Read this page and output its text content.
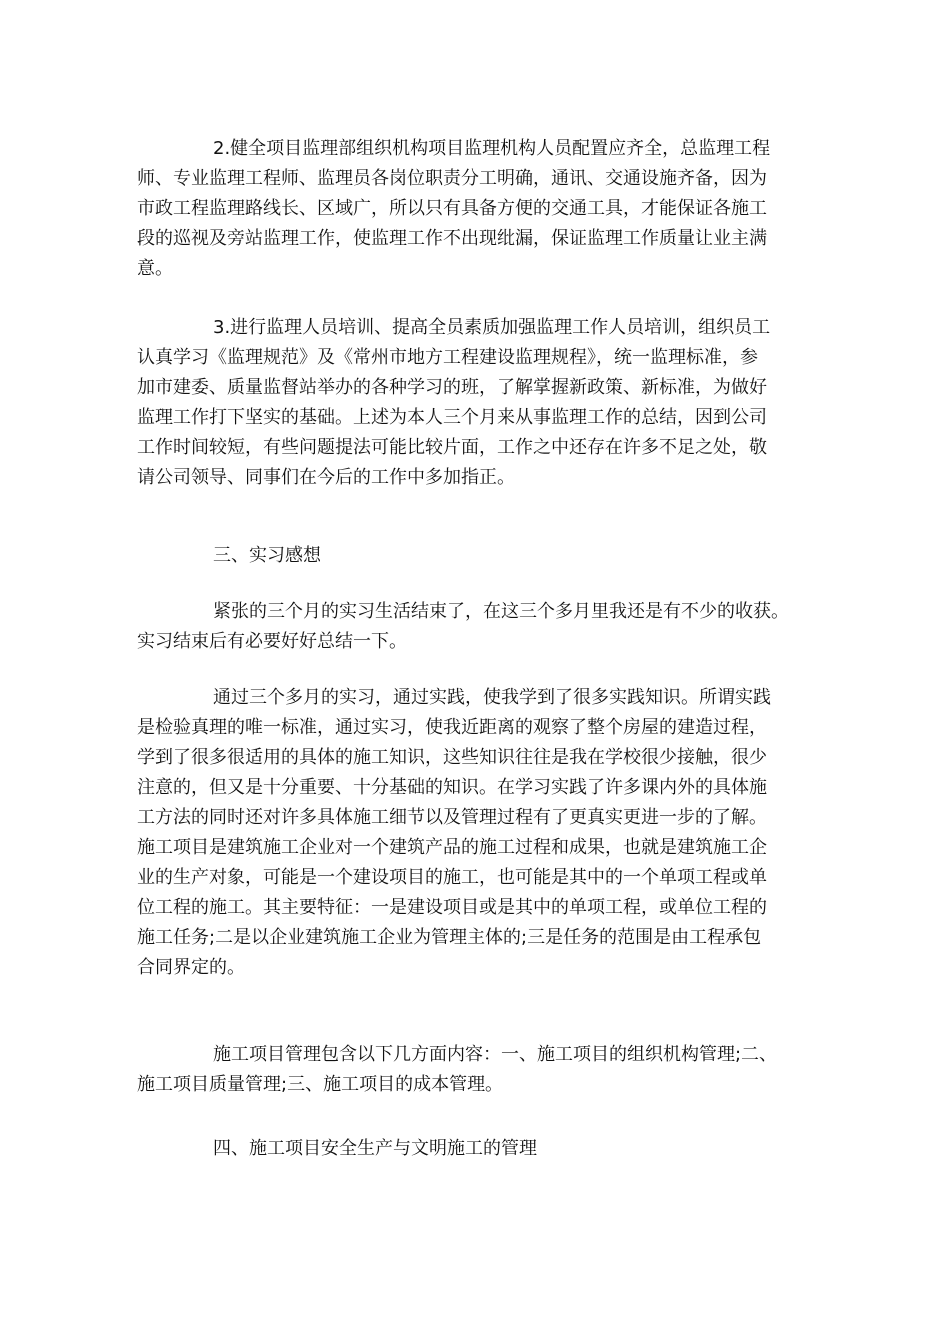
2.健全项目监理部组织机构项目监理机构人员配置应齐全，总监理工程
师、专业监理工程师、监理员各岗位职责分工明确，通讯、交通设施齐备，因为
市政工程监理路线长、区域广，所以只有具备方便的交通工具，才能保证各施工
段的巡视及旁站监理工作，使监理工作不出现纰漏，保证监理工作质量让业主满
意。
3.进行监理人员培训、提高全员素质加强监理工作人员培训，组织员工
认真学习《监理规范》及《常州市地方工程建设监理规程》，统一监理标准，参
加市建委、质量监督站举办的各种学习的班，了解掌握新政策、新标准，为做好
监理工作打下坚实的基础。上述为本人三个月来从事监理工作的总结，因到公司
工作时间较短，有些问题提法可能比较片面，工作之中还存在许多不足之处，敬
请公司领导、同事们在今后的工作中多加指正。
三、实习感想
紧张的三个月的实习生活结束了，在这三个多月里我还是有不少的收获。
实习结束后有必要好好总结一下。
通过三个多月的实习，通过实践，使我学到了很多实践知识。所谓实践
是检验真理的唯一标准，通过实习，使我近距离的观察了整个房屋的建造过程，
学到了很多很适用的具体的施工知识，这些知识往往是我在学校很少接触，很少
注意的，但又是十分重要、十分基础的知识。在学习实践了许多课内外的具体施
工方法的同时还对许多具体施工细节以及管理过程有了更真实更进一步的了解。
施工项目是建筑施工企业对一个建筑产品的施工过程和成果，也就是建筑施工企
业的生产对象，可能是一个建设项目的施工，也可能是其中的一个单项工程或单
位工程的施工。其主要特征：一是建设项目或是其中的单项工程，或单位工程的
施工任务;二是以企业建筑施工企业为管理主体的;三是任务的范围是由工程承包
合同界定的。
施工项目管理包含以下几方面内容：一、施工项目的组织机构管理;二、
施工项目质量管理;三、施工项目的成本管理。
四、施工项目安全生产与文明施工的管理
